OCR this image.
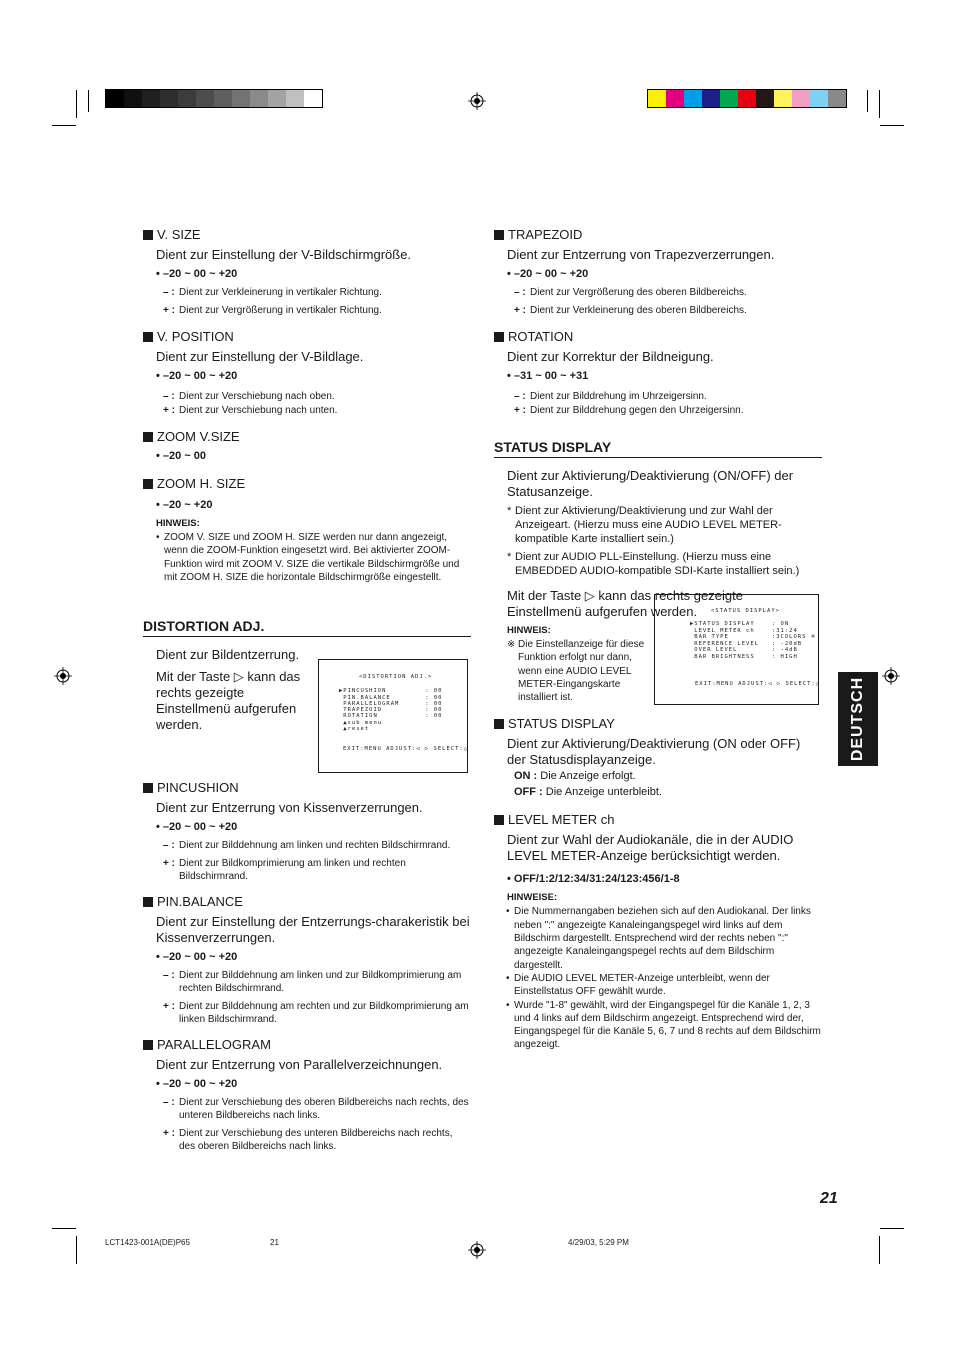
V. SIZE
Dient zur Einstellung der V-Bildschirmgröße.
• –20 ~ 00 ~ +20
– : Dient zur Verkleinerung in vertikaler Richtung.
+ : Dient zur Vergrößerung in vertikaler Richtung.
V. POSITION
Dient zur Einstellung der V-Bildlage.
• –20 ~ 00 ~ +20
– : Dient zur Verschiebung nach oben.
+ : Dient zur Verschiebung nach unten.
ZOOM V.SIZE
• –20 ~ 00
ZOOM H. SIZE
• –20 ~ +20
HINWEIS:
• ZOOM V. SIZE und ZOOM H. SIZE werden nur dann angezeigt, wenn die ZOOM-Funktion eingesetzt wird. Bei aktivierter ZOOM-Funktion wird mit ZOOM V. SIZE die vertikale Bildschirmgröße und mit ZOOM H. SIZE die horizontale Bildschirmgröße eingestellt.
DISTORTION ADJ.
Dient zur Bildentzerrung.
Mit der Taste ▷ kann das rechts gezeigte Einstellmenü aufgerufen werden.
<DISTORTION ADJ.>
▶PINCUSHION         : 00
PIN.BALANCE        : 00
PARALLELOGRAM      : 00
TRAPEZOID          : 00
ROTATION           : 00
▲sub menu
▲reset
EXIT:MENU ADJUST:◁ ▷ SELECT:△
PINCUSHION
Dient zur Entzerrung von Kissenverzerrungen.
• –20 ~ 00 ~ +20
– : Dient zur Bilddehnung am linken und rechten Bildschirmrand.
+ : Dient zur Bildkomprimierung am linken und rechten Bildschirmrand.
PIN.BALANCE
Dient zur Einstellung der Entzerrungs-charakeristik bei Kissenverzerrungen.
• –20 ~ 00 ~ +20
– : Dient zur Bilddehnung am linken und zur Bildkomprimierung am rechten Bildschirmrand.
+ : Dient zur Bilddehnung am rechten und zur Bildkomprimierung am linken Bildschirmrand.
PARALLELOGRAM
Dient zur Entzerrung von Parallelverzeichnungen.
• –20 ~ 00 ~ +20
– : Dient zur Verschiebung des oberen Bildbereichs nach rechts, des unteren Bildbereichs nach links.
+ : Dient zur Verschiebung des unteren Bildbereichs nach rechts, des oberen Bildbereichs nach links.
TRAPEZOID
Dient zur Entzerrung von Trapezverzerrungen.
• –20 ~ 00 ~ +20
– : Dient zur Vergrößerung des oberen Bildbereichs.
+ : Dient zur Verkleinerung des oberen Bildbereichs.
ROTATION
Dient zur Korrektur der Bildneigung.
• –31 ~ 00 ~ +31
– : Dient zur Bilddrehung im Uhrzeigersinn.
+ : Dient zur Bilddrehung gegen den Uhrzeigersinn.
STATUS DISPLAY
Dient zur Aktivierung/Deaktivierung (ON/OFF) der Statusanzeige.
* Dient zur Aktivierung/Deaktivierung und zur Wahl der Anzeigeart. (Hierzu muss eine AUDIO LEVEL METER-kompatible Karte installiert sein.)
* Dient zur AUDIO PLL-Einstellung. (Hierzu muss eine EMBEDDED AUDIO-kompatible SDI-Karte installiert sein.)
Mit der Taste ▷ kann das rechts gezeigte Einstellmenü aufgerufen werden.
HINWEIS:
※ Die Einstellanzeige für diese Funktion erfolgt nur dann, wenn eine AUDIO LEVEL METER-Eingangskarte installiert ist.
STATUS DISPLAY
Dient zur Aktivierung/Deaktivierung (ON oder OFF) der Statusdisplayanzeige.
ON : Die Anzeige erfolgt.
OFF : Die Anzeige unterbleibt.
LEVEL METER ch
Dient zur Wahl der Audiokanäle, die in der AUDIO LEVEL METER-Anzeige berücksichtigt werden.
• OFF/1:2/12:34/31:24/123:456/1-8
HINWEISE:
• Die Nummernangaben beziehen sich auf den Audiokanal. Der links neben ":" angezeigte Kanaleingangspegel wird links auf dem Bildschirm dargestellt. Entsprechend wird der rechts neben ":" angezeigte Kanaleingangspegel rechts auf dem Bildschirm dargestellt.
• Die AUDIO LEVEL METER-Anzeige unterbleibt, wenn der Einstellstatus OFF gewählt wurde.
• Wurde "1-8" gewählt, wird der Eingangspegel für die Kanäle 1, 2, 3 und 4 links auf dem Bildschirm angezeigt. Entsprechend wird der, Eingangspegel für die Kanäle 5, 6, 7 und 8 rechts auf dem Bildschirm angezeigt.
<STATUS DISPLAY>
▶STATUS DISPLAY    : ON
LEVEL METER ch    :31:24
BAR TYPE          :3COLORS ※
REFERENCE LEVEL   : -20dB
OVER LEVEL        : -4dB
BAR BRIGHTNESS    : HIGH
EXIT:MENU ADJUST:◁ ▷ SELECT:△ DEUTSCH
21
LCT1423-001A(DE)P65	21	4/29/03, 5:29 PM
